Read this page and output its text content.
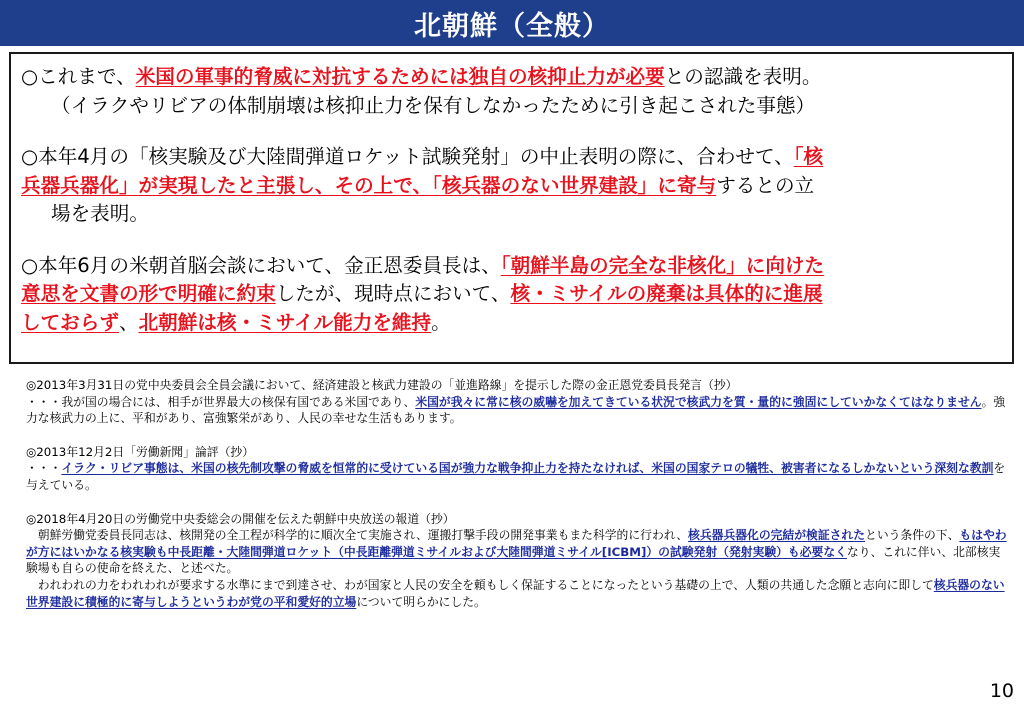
北朝鮮（全般）

○これまで、米国の軍事的脅威に対抗するためには独自の核抑止力が必要との認識を表明。
（イラクやリビアの体制崩壊は核抑止力を保有しなかったために引き起こされた事態）

○本年4月の「核実験及び大陸間弾道ロケット試験発射」の中止表明の際に、合わせて、「核
兵器兵器化」が実現したと主張し、その上で、「核兵器のない世界建設」に寄与するとの立
場を表明。

○本年6月の米朝首脳会談において、金正恩委員長は、「朝鮮半島の完全な非核化」に向けた
意思を文書の形で明確に約束したが、現時点において、核・ミサイルの廃棄は具体的に進展
しておらず、北朝鮮は核・ミサイル能力を維持。

◎2013年3月31日の党中央委員会全員会議において、経済建設と核武力建設の「並進路線」を提示した際の金正恩党委員長発言（抄）

・・・我が国の場合には、相手が世界最大の核保有国である米国であり、米国が我々に常に核の威嚇を加えてきている状況で核武力を質・量的に強固にしていかなくてはなりません。強力な核武力の上に、平和があり、富強繁栄があり、人民の幸せな生活もあります。

◎2013年12月2日「労働新聞」論評（抄）

・・・イラク・リビア事態は、米国の核先制攻撃の脅威を恒常的に受けている国が強力な戦争抑止力を持たなければ、米国の国家テロの犠牲、被害者になるしかないという深刻な教訓を与えている。

◎2018年4月20日の労働党中央委総会の開催を伝えた朝鮮中央放送の報道（抄）

　朝鮮労働党委員長同志は、核開発の全工程が科学的に順次全て実施され、運搬打撃手段の開発事業もまた科学的に行われ、核兵器兵器化の完結が検証されたという条件の下、もはやわが方にはいかなる核実験も中長距離・大陸間弾道ロケット（中長距離弾道ミサイルおよび大陸間弾道ミサイル[ICBM]）の試験発射（発射実験）も必要なくなり、これに伴い、北部核実験場も自らの使命を終えた、と述べた。

　われわれの力をわれわれが要求する水準にまで到達させ、わが国家と人民の安全を頼もしく保証することになったという基礎の上で、人類の共通した念願と志向に即して核兵器のない世界建設に積極的に寄与しようというわが党の平和愛好的立場について明らかにした。

10
